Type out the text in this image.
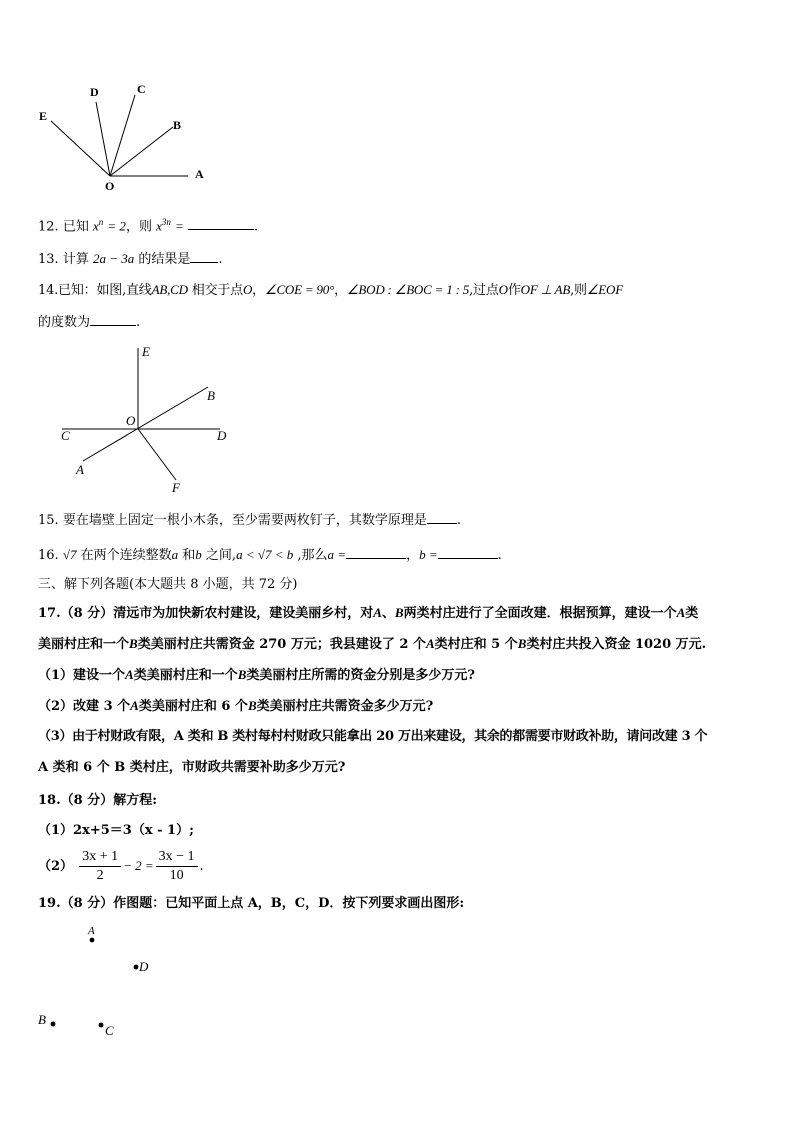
E
D	C
B
O
A
12. 已知 $x^n = 2$，则 $x^{3n}$ =	.
13. 计算 2a − 3a 的结果是 .
14.已知：如图,直线AB,CD 相交于点O，∠COE = 90°，∠BOD : ∠BOC = 1 : 5,过点O作OF ⊥ AB,则∠EOF
的度数为	.
E
B
O
C	D
A
F
15. 要在墙壁上固定一根小木条，至少需要两枚钉子，其数学原理是 .
16. √7 在两个连续整数a 和b 之间,a < √7 < b ,那么a =	，b =	.
三、解下列各题(本大题共 8 小题，共 72 分)
17.（8 分）清远市为加快新农村建设，建设美丽乡村，对A、B两类村庄进行了全面改建．根据预算，建设一个A类
美丽村庄和一个B类美丽村庄共需资金 270 万元；我县建设了 2 个A类村庄和 5 个B类村庄共投入资金 1020 万元.
（1）建设一个A类美丽村庄和一个B类美丽村庄所需的资金分别是多少万元?
（2）改建 3 个A类美丽村庄和 6 个B类美丽村庄共需资金多少万元?
（3）由于村财政有限，A 类和 B 类村每村村财政只能拿出 20 万出来建设，其余的都需要市财政补助，请问改建 3 个
A 类和 6 个 B 类村庄，市财政共需要补助多少万元?
18.（8 分）解方程:
（1）2x+5＝3（x - 1）;
$(2) \frac{3x + 1}{2} - 2 = \frac{3x - 1}{10}$ .
19.（8 分）作图题：已知平面上点 A，B，C，D．按下列要求画出图形:
A
D
B
C
